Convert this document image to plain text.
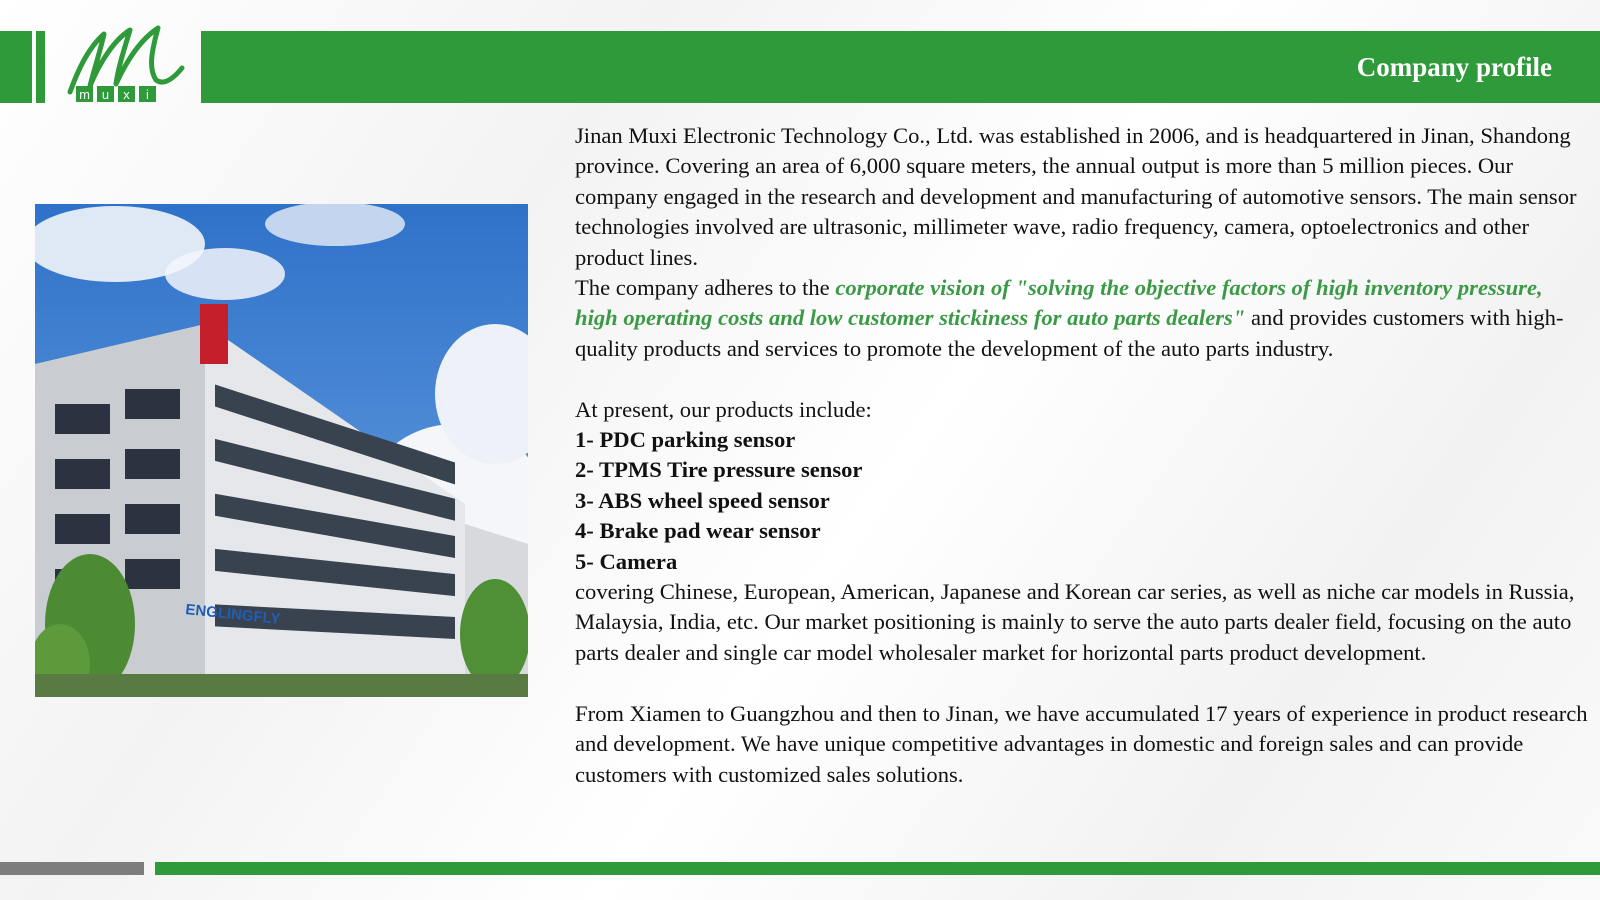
m u x i
Company profile
ENGLINGFLY

Jinan Muxi Electronic Technology Co., Ltd. was established in 2006, and is headquartered in Jinan, Shandong province. Covering an area of 6,000 square meters, the annual output is more than 5 million pieces. Our company engaged in the research and development and manufacturing of automotive sensors. The main sensor technologies involved are ultrasonic, millimeter wave, radio frequency, camera, optoelectronics and other product lines.

The company adheres to the corporate vision of "solving the objective factors of high inventory pressure, high operating costs and low customer stickiness for auto parts dealers" and provides customers with high-quality products and services to promote the development of the auto parts industry.

At present, our products include:

1- PDC parking sensor

2- TPMS Tire pressure sensor

3- ABS wheel speed sensor

4- Brake pad wear sensor

5- Camera

covering Chinese, European, American, Japanese and Korean car series, as well as niche car models in Russia, Malaysia, India, etc. Our market positioning is mainly to serve the auto parts dealer field, focusing on the auto parts dealer and single car model wholesaler market for horizontal parts product development.

From Xiamen to Guangzhou and then to Jinan, we have accumulated 17 years of experience in product research and development. We have unique competitive advantages in domestic and foreign sales and can provide customers with customized sales solutions.
